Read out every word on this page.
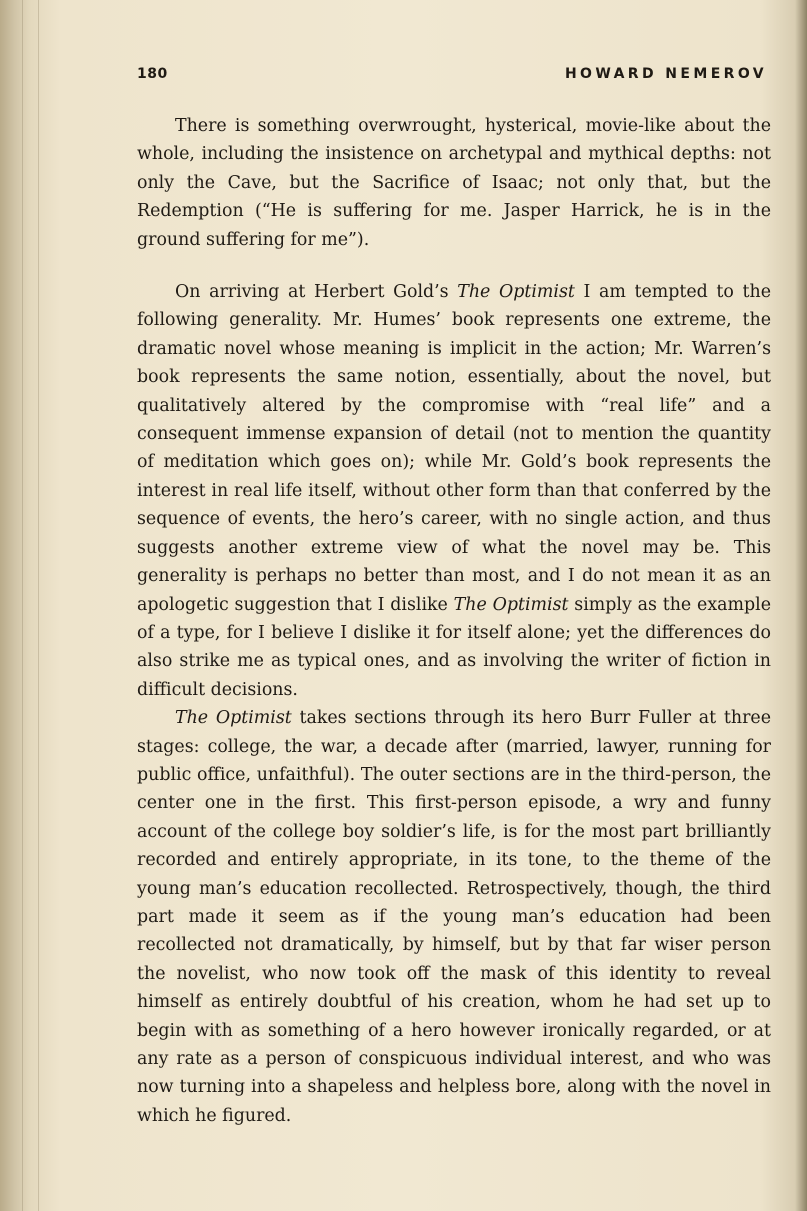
180	HOWARD NEMEROV

There is something overwrought, hysterical, movie-like about the whole, including the insistence on archetypal and mythical depths: not only the Cave, but the Sacrifice of Isaac; not only that, but the Redemption (“He is suffering for me. Jasper Harrick, he is in the ground suffering for me”).

On arriving at Herbert Gold’s The Optimist I am tempted to the following generality. Mr. Humes’ book represents one extreme, the dramatic novel whose meaning is implicit in the action; Mr. Warren’s book represents the same notion, essentially, about the novel, but qualitatively altered by the compromise with “real life” and a consequent immense expansion of detail (not to mention the quantity of meditation which goes on); while Mr. Gold’s book represents the interest in real life itself, without other form than that conferred by the sequence of events, the hero’s career, with no single action, and thus suggests another extreme view of what the novel may be. This generality is perhaps no better than most, and I do not mean it as an apologetic suggestion that I dislike The Optimist simply as the example of a type, for I believe I dislike it for itself alone; yet the differences do also strike me as typical ones, and as involving the writer of fiction in difficult decisions.

The Optimist takes sections through its hero Burr Fuller at three stages: college, the war, a decade after (married, lawyer, running for public office, unfaithful). The outer sections are in the third-person, the center one in the first. This first-person episode, a wry and funny account of the college boy soldier’s life, is for the most part brilliantly recorded and entirely appropriate, in its tone, to the theme of the young man’s education recollected. Retrospectively, though, the third part made it seem as if the young man’s education had been recollected not dramatically, by himself, but by that far wiser person the novelist, who now took off the mask of this identity to reveal himself as entirely doubtful of his creation, whom he had set up to begin with as something of a hero however ironically regarded, or at any rate as a person of conspicuous individual interest, and who was now turning into a shapeless and helpless bore, along with the novel in which he figured.
